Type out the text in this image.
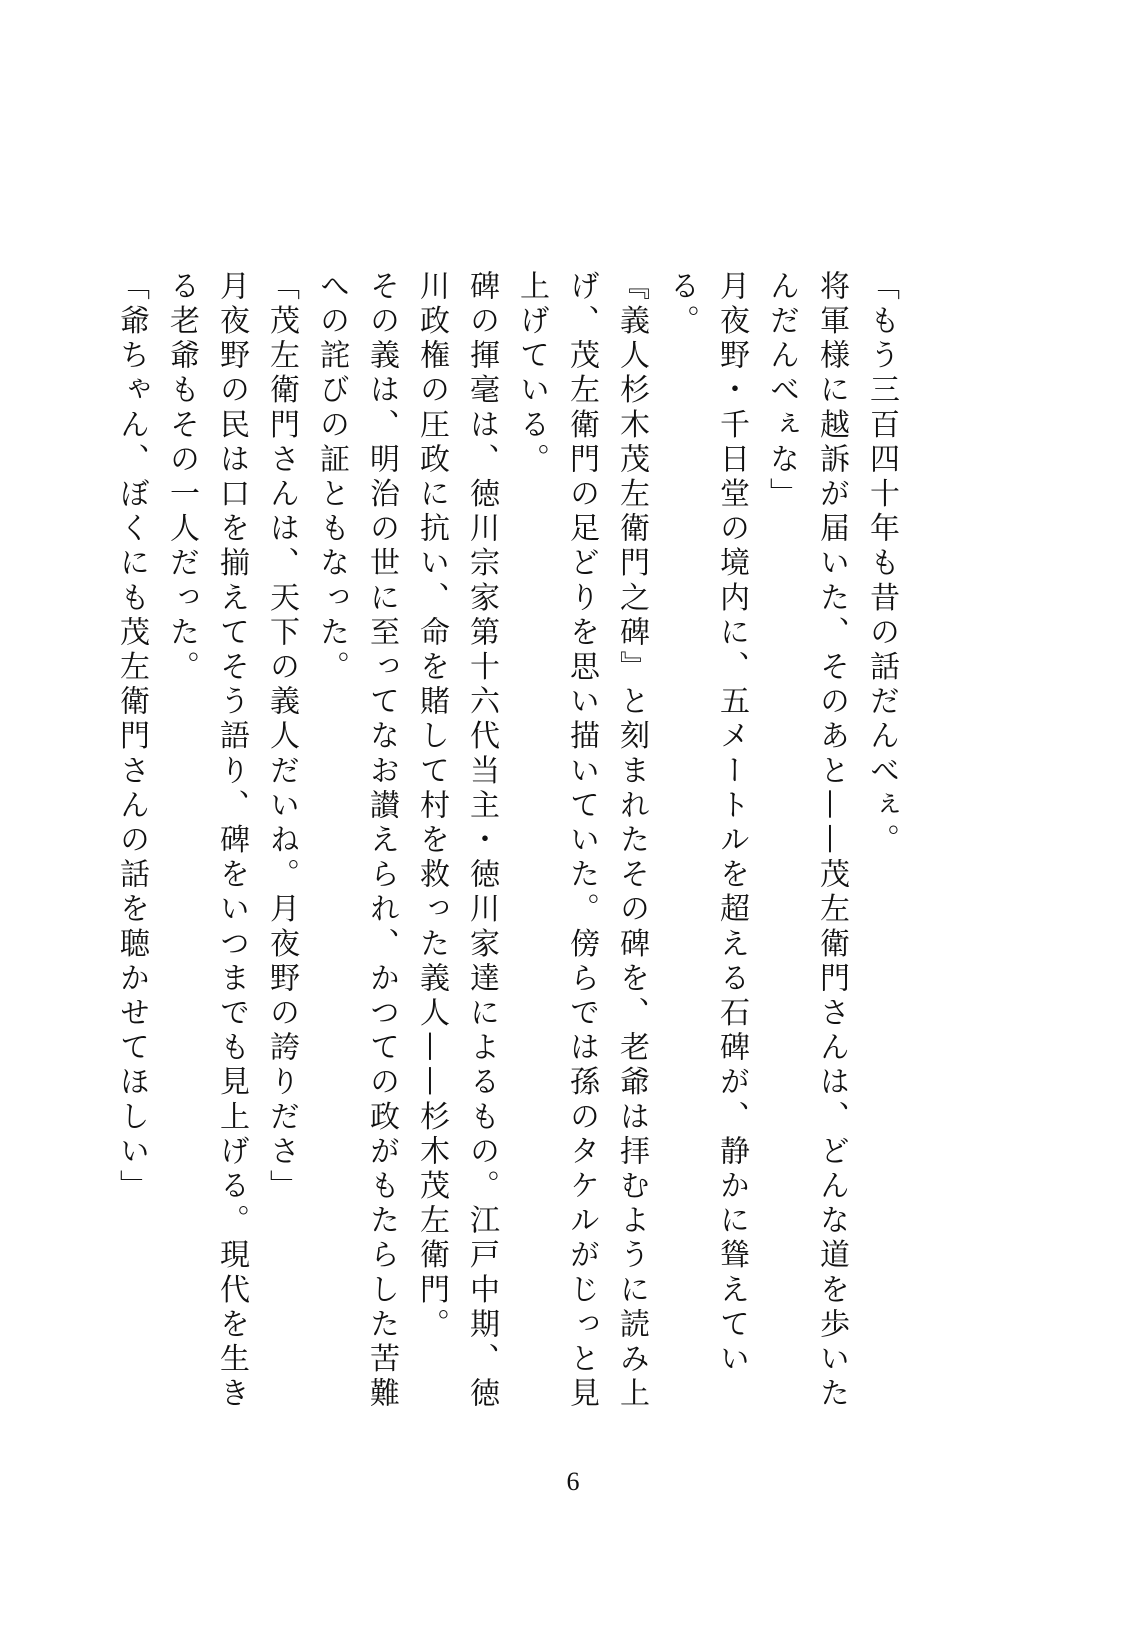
「もう三百四十年も昔の話だんべぇ。

将軍様に越訴が届いた、そのあと——茂左衛門さんは、どんな道を歩いたんだんべぇな」

月夜野・千日堂の境内に、五メートルを超える石碑が、静かに聳えている。

『義人杉木茂左衛門之碑』と刻まれたその碑を、老爺は拝むように読み上げ、茂左衛門の足どりを思い描いていた。傍らでは孫のタケルがじっと見上げている。

碑の揮毫は、徳川宗家第十六代当主・徳川家達によるもの。江戸中期、徳川政権の圧政に抗い、命を賭して村を救った義人——杉木茂左衛門。

その義は、明治の世に至ってなお讃えられ、かつての政がもたらした苦難への詫びの証ともなった。

「茂左衛門さんは、天下の義人だいね。月夜野の誇りださ」

月夜野の民は口を揃えてそう語り、碑をいつまでも見上げる。現代を生きる老爺もその一人だった。

「爺ちゃん、ぼくにも茂左衛門さんの話を聴かせてほしい」

6
